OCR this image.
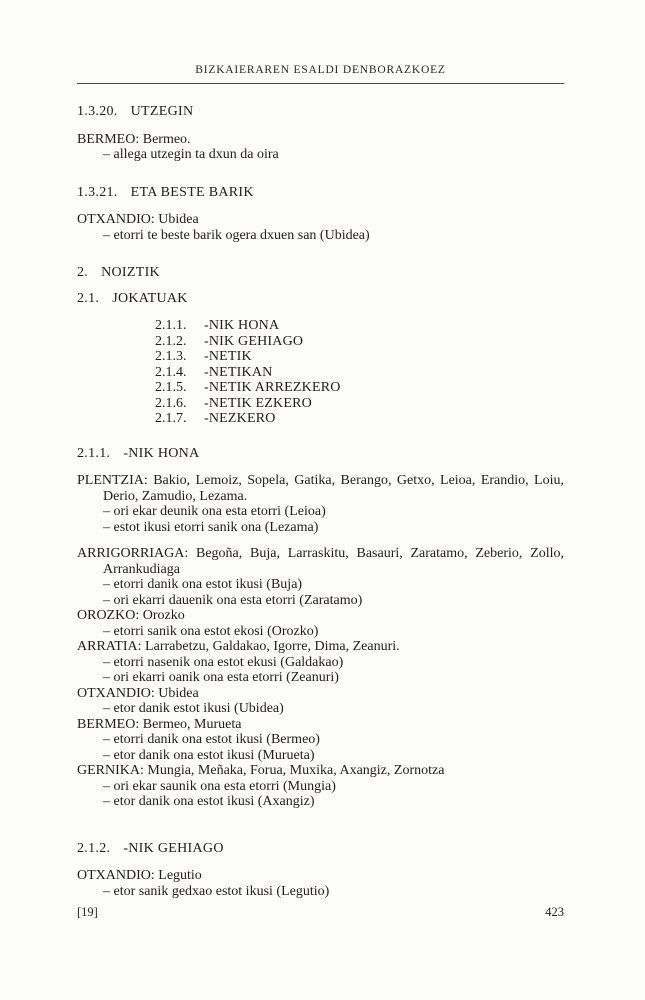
BIZKAIERAREN ESALDI DENBORAZKOEZ
1.3.20. UTZEGIN
BERMEO: Bermeo.
– allega utzegin ta dxun da oira
1.3.21. ETA BESTE BARIK
OTXANDIO: Ubidea
– etorri te beste barik ogera dxuen san (Ubidea)
2. NOIZTIK
2.1. JOKATUAK
2.1.1.	-NIK HONA
2.1.2.	-NIK GEHIAGO
2.1.3.	-NETIK
2.1.4.	-NETIKAN
2.1.5.	-NETIK ARREZKERO
2.1.6.	-NETIK EZKERO
2.1.7.	-NEZKERO
2.1.1. -NIK HONA
PLENTZIA: Bakio, Lemoiz, Sopela, Gatika, Berango, Getxo, Leioa, Erandio, Loiu, Derio, Zamudio, Lezama.
– ori ekar deunik ona esta etorri (Leioa)
– estot ikusi etorri sanik ona (Lezama)
ARRIGORRIAGA: Begoña, Buja, Larraskitu, Basauri, Zaratamo, Zeberio, Zollo, Arrankudiaga
– etorri danik ona estot ikusi (Buja)
– ori ekarri dauenik ona esta etorri (Zaratamo)
OROZKO: Orozko
– etorri sanik ona estot ekosi (Orozko)
ARRATIA: Larrabetzu, Galdakao, Igorre, Dima, Zeanuri.
– etorri nasenik ona estot ekusi (Galdakao)
– ori ekarri oanik ona esta etorri (Zeanuri)
OTXANDIO: Ubidea
– etor danik estot ikusi (Ubidea)
BERMEO: Bermeo, Murueta
– etorri danik ona estot ikusi (Bermeo)
– etor danik ona estot ikusi (Murueta)
GERNIKA: Mungia, Meñaka, Forua, Muxika, Axangiz, Zornotza
– ori ekar saunik ona esta etorri (Mungia)
– etor danik ona estot ikusi (Axangiz)
2.1.2. -NIK GEHIAGO
OTXANDIO: Legutio
– etor sanik gedxao estot ikusi (Legutio)
[19]	423
